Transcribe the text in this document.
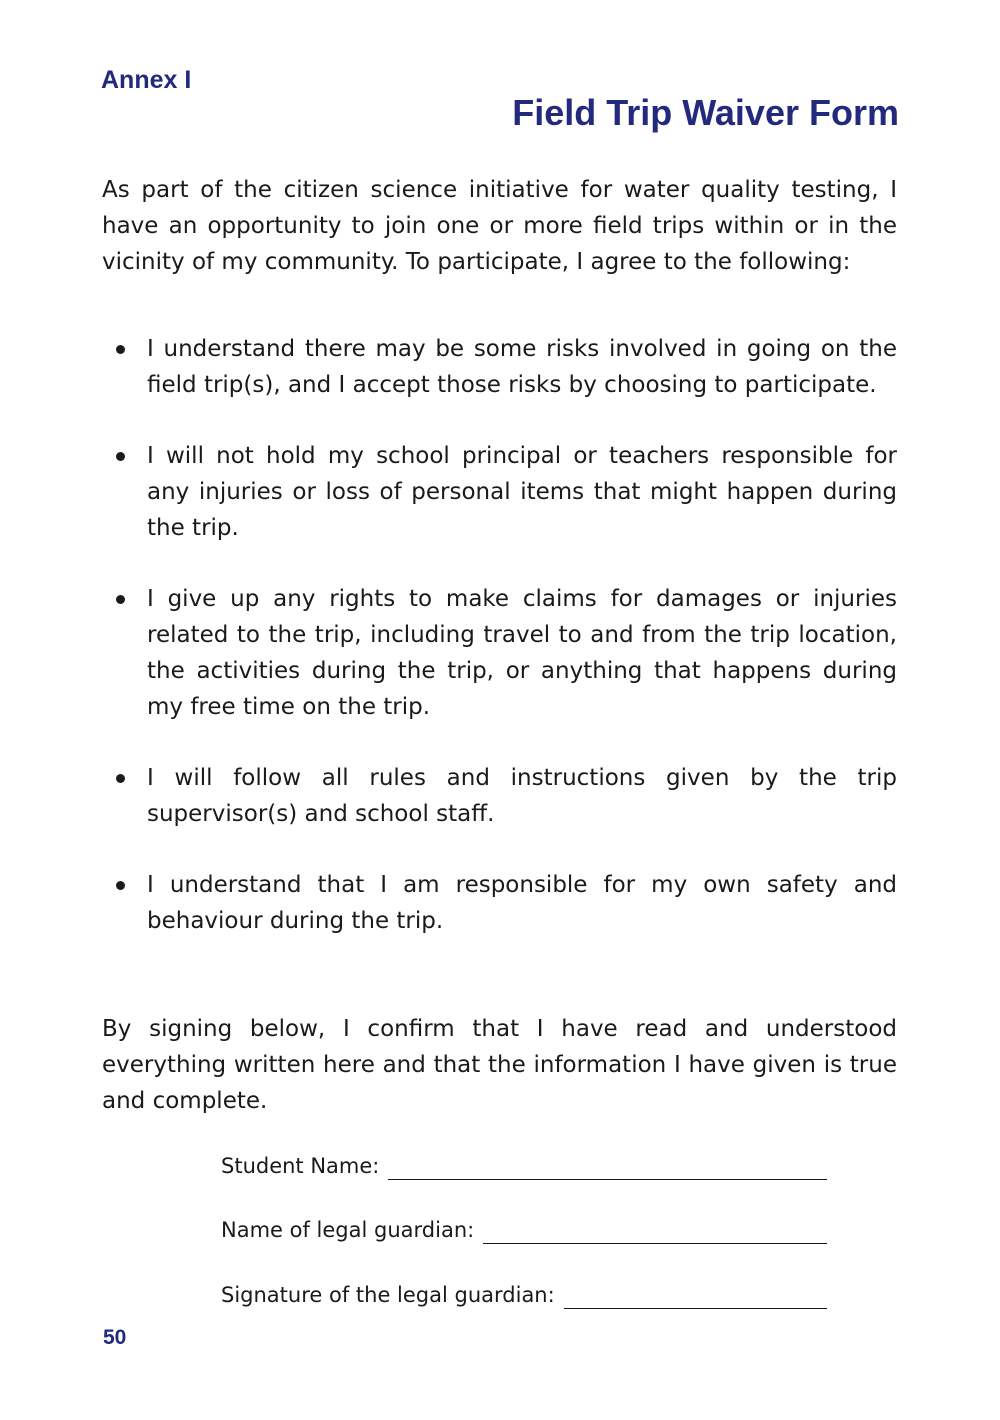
Annex I
Field Trip Waiver Form
As part of the citizen science initiative for water quality testing, I have an opportunity to join one or more field trips within or in the vicinity of my community. To participate, I agree to the following:
I understand there may be some risks involved in going on the field trip(s), and I accept those risks by choosing to participate.
I will not hold my school principal or teachers responsible for any injuries or loss of personal items that might happen during the trip.
I give up any rights to make claims for damages or injuries related to the trip, including travel to and from the trip location, the activities during the trip, or anything that happens during my free time on the trip.
I will follow all rules and instructions given by the trip supervisor(s) and school staff.
I understand that I am responsible for my own safety and behaviour during the trip.
By signing below, I confirm that I have read and understood everything written here and that the information I have given is true and complete.
Student Name:
Name of legal guardian:
Signature of the legal guardian:
50
